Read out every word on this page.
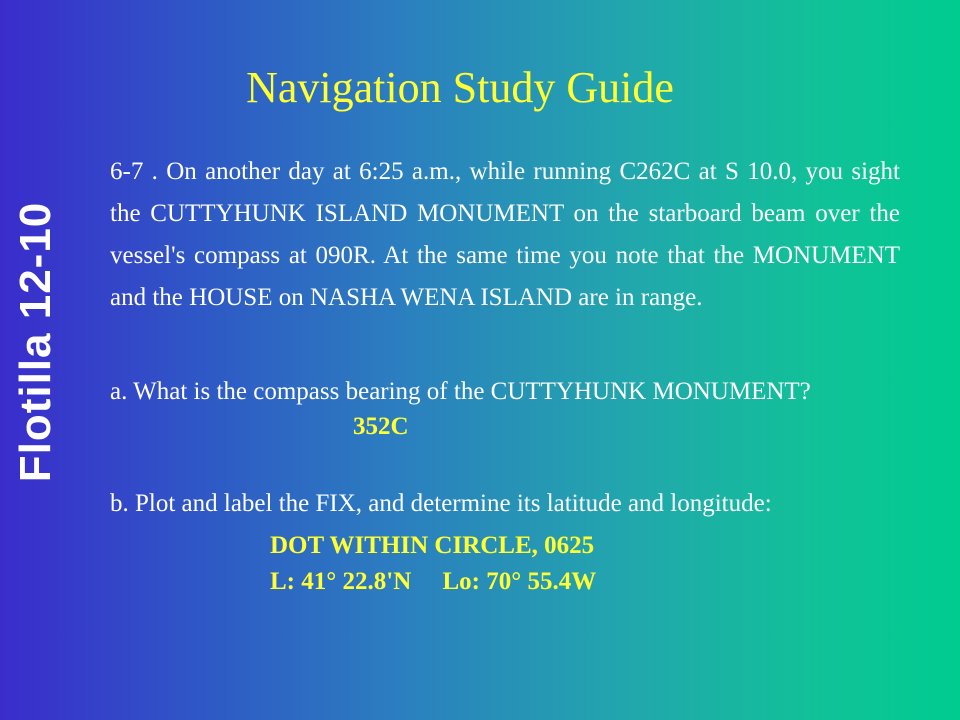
Flotilla 12-10
Navigation Study Guide
6-7 . On another day at 6:25 a.m., while running C262C at S 10.0, you sight the CUTTYHUNK ISLAND MONUMENT on the starboard beam over the vessel's compass at 090R. At the same time you note that the MONUMENT and the HOUSE on NASHA WENA ISLAND are in range.
a. What is the compass bearing of the CUTTYHUNK MONUMENT?
352C
b. Plot and label the FIX, and determine its latitude and longitude:
DOT WITHIN CIRCLE, 0625
L: 41° 22.8'N     Lo: 70° 55.4W
